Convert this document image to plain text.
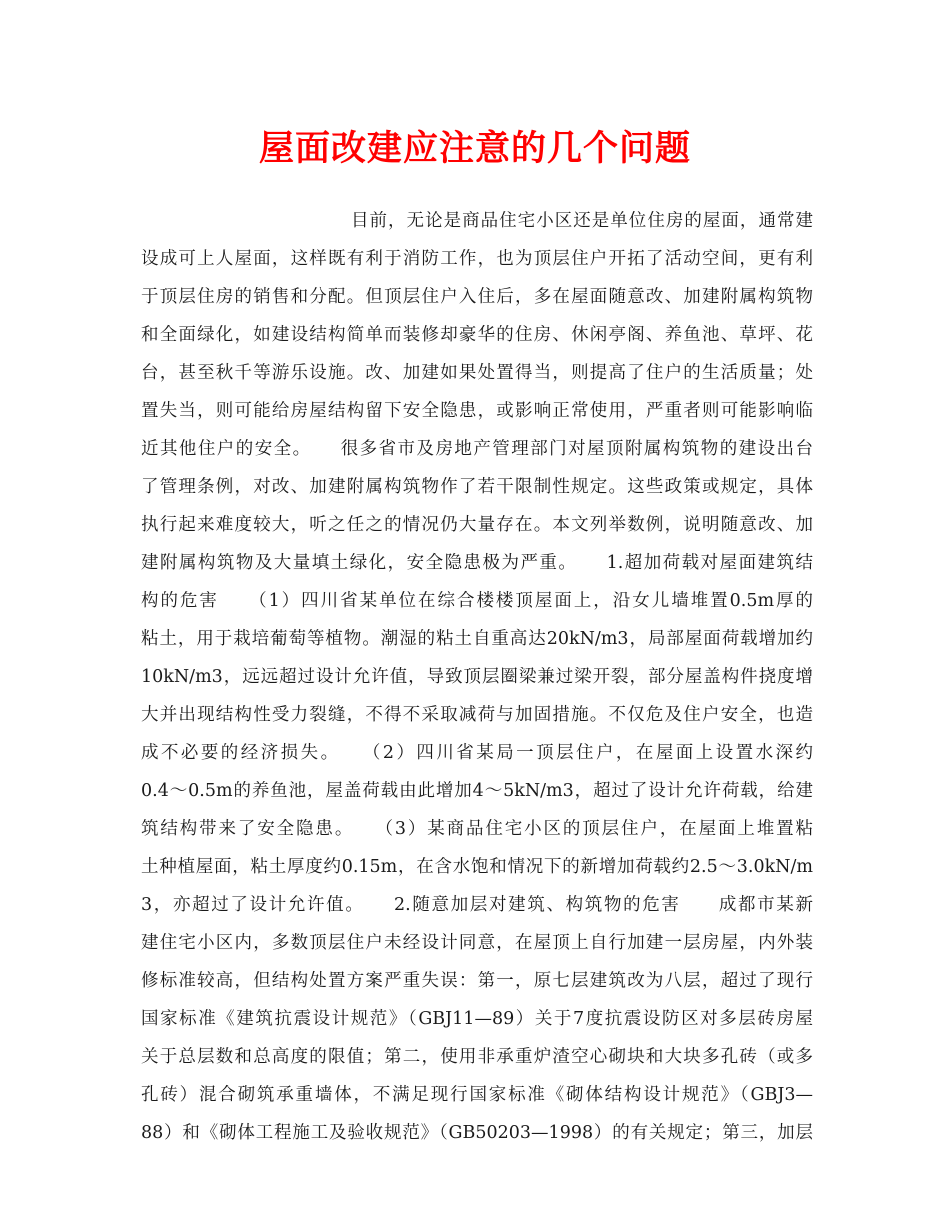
屋面改建应注意的几个问题
目前，无论是商品住宅小区还是单位住房的屋面，通常建
设成可上人屋面，这样既有利于消防工作，也为顶层住户开拓了活动空间，更有利
于顶层住房的销售和分配。但顶层住户入住后，多在屋面随意改、加建附属构筑物
和全面绿化，如建设结构简单而装修却豪华的住房、休闲亭阁、养鱼池、草坪、花
台，甚至秋千等游乐设施。改、加建如果处置得当，则提高了住户的生活质量；处
置失当，则可能给房屋结构留下安全隐患，或影响正常使用，严重者则可能影响临
近其他住户的安全。　　很多省市及房地产管理部门对屋顶附属构筑物的建设出台
了管理条例，对改、加建附属构筑物作了若干限制性规定。这些政策或规定，具体
执行起来难度较大，听之任之的情况仍大量存在。本文列举数例，说明随意改、加
建附属构筑物及大量填土绿化，安全隐患极为严重。　　1.超加荷载对屋面建筑结
构的危害　　（1）四川省某单位在综合楼楼顶屋面上，沿女儿墙堆置0.5m厚的
粘土，用于栽培葡萄等植物。潮湿的粘土自重高达20kN/m3，局部屋面荷载增加约
10kN/m3，远远超过设计允许值，导致顶层圈梁兼过梁开裂，部分屋盖构件挠度增
大并出现结构性受力裂缝，不得不采取减荷与加固措施。不仅危及住户安全，也造
成不必要的经济损失。　　（2）四川省某局一顶层住户，在屋面上设置水深约
0.4～0.5m的养鱼池，屋盖荷载由此增加4～5kN/m3，超过了设计允许荷载，给建
筑结构带来了安全隐患。　　（3）某商品住宅小区的顶层住户，在屋面上堆置粘
土种植屋面，粘土厚度约0.15m，在含水饱和情况下的新增加荷载约2.5～3.0kN/m
3，亦超过了设计允许值。　　2.随意加层对建筑、构筑物的危害　　成都市某新
建住宅小区内，多数顶层住户未经设计同意，在屋顶上自行加建一层房屋，内外装
修标准较高，但结构处置方案严重失误：第一，原七层建筑改为八层，超过了现行
国家标准《建筑抗震设计规范》（GBJ11—89）关于7度抗震设防区对多层砖房屋
关于总层数和总高度的限值；第二，使用非承重炉渣空心砌块和大块多孔砖（或多
孔砖）混合砌筑承重墙体，不满足现行国家标准《砌体结构设计规范》（GBJ3—
88）和《砌体工程施工及验收规范》（GB50203—1998）的有关规定；第三，加层
